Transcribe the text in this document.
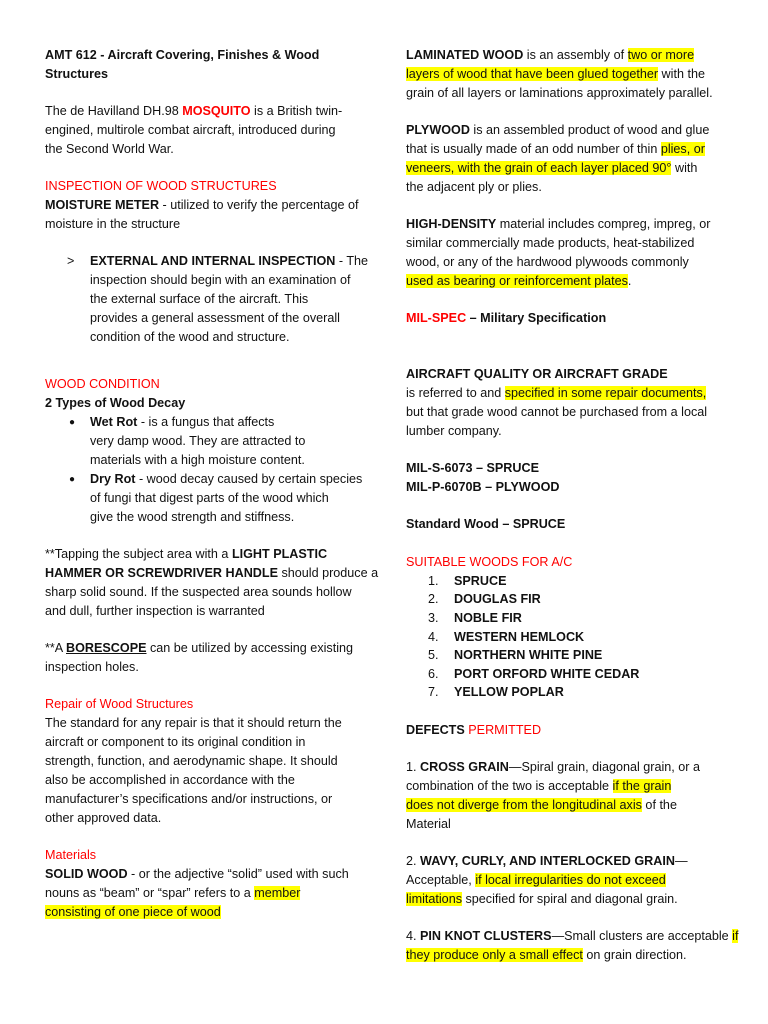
AMT 612 - Aircraft Covering, Finishes & Wood

Structures

The de Havilland DH.98 MOSQUITO is a British twin-

engined, multirole combat aircraft, introduced during

the Second World War.

INSPECTION OF WOOD STRUCTURES

MOISTURE METER - utilized to verify the percentage of

moisture in the structure

> EXTERNAL AND INTERNAL INSPECTION - The

inspection should begin with an examination of

the external surface of the aircraft. This

provides a general assessment of the overall

condition of the wood and structure.

WOOD CONDITION

2 Types of Wood Decay

● Wet Rot - is a fungus that affects

very damp wood. They are attracted to

materials with a high moisture content.

● Dry Rot - wood decay caused by certain species

of fungi that digest parts of the wood which

give the wood strength and stiffness.

**Tapping the subject area with a LIGHT PLASTIC

HAMMER OR SCREWDRIVER HANDLE should produce a

sharp solid sound. If the suspected area sounds hollow

and dull, further inspection is warranted

**A BORESCOPE can be utilized by accessing existing

inspection holes.

Repair of Wood Structures

The standard for any repair is that it should return the

aircraft or component to its original condition in

strength, function, and aerodynamic shape. It should

also be accomplished in accordance with the

manufacturer’s specifications and/or instructions, or

other approved data.

Materials

SOLID WOOD - or the adjective “solid” used with such

nouns as “beam” or “spar” refers to a member

consisting of one piece of wood

LAMINATED WOOD is an assembly of two or more

layers of wood that have been glued together with the

grain of all layers or laminations approximately parallel.

PLYWOOD is an assembled product of wood and glue

that is usually made of an odd number of thin plies, or

veneers, with the grain of each layer placed 90° with

the adjacent ply or plies.

HIGH-DENSITY material includes compreg, impreg, or

similar commercially made products, heat-stabilized

wood, or any of the hardwood plywoods commonly

used as bearing or reinforcement plates.

MIL-SPEC – Military Specification

AIRCRAFT QUALITY OR AIRCRAFT GRADE

is referred to and specified in some repair documents,

but that grade wood cannot be purchased from a local

lumber company.

MIL-S-6073 – SPRUCE

MIL-P-6070B – PLYWOOD

Standard Wood – SPRUCE

SUITABLE WOODS FOR A/C

1. SPRUCE
2. DOUGLAS FIR
3. NOBLE FIR
4. WESTERN HEMLOCK
5. NORTHERN WHITE PINE
6. PORT ORFORD WHITE CEDAR
7. YELLOW POPLAR

DEFECTS PERMITTED

1. CROSS GRAIN—Spiral grain, diagonal grain, or a

combination of the two is acceptable if the grain

does not diverge from the longitudinal axis of the

Material

2. WAVY, CURLY, AND INTERLOCKED GRAIN—

Acceptable, if local irregularities do not exceed

limitations specified for spiral and diagonal grain.

4. PIN KNOT CLUSTERS—Small clusters are acceptable if

they produce only a small effect on grain direction.
